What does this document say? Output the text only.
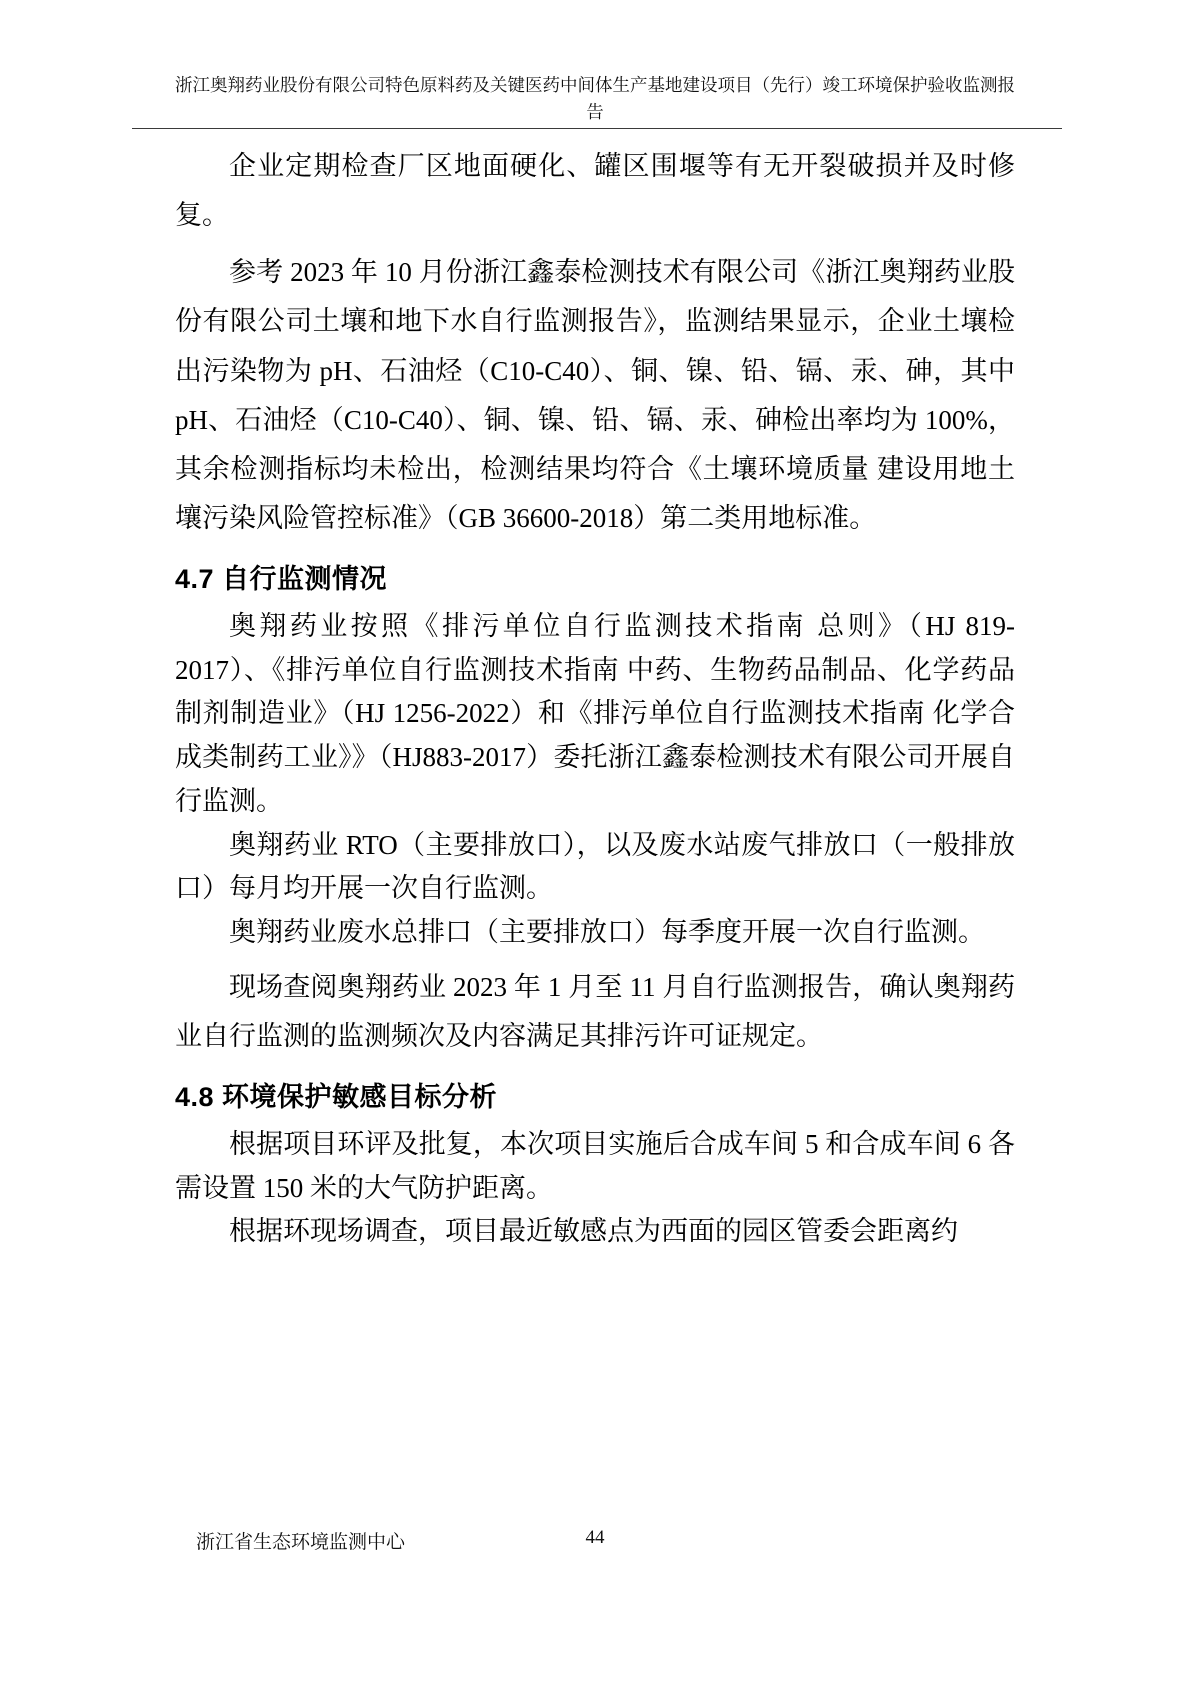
浙江奥翔药业股份有限公司特色原料药及关键医药中间体生产基地建设项目（先行）竣工环境保护验收监测报告

企业定期检查厂区地面硬化、罐区围堰等有无开裂破损并及时修复。

参考 2023 年 10 月份浙江鑫泰检测技术有限公司《浙江奥翔药业股份有限公司土壤和地下水自行监测报告》，监测结果显示，企业土壤检出污染物为 pH、石油烃（C10-C40）、铜、镍、铅、镉、汞、砷，其中 pH、石油烃（C10-C40）、铜、镍、铅、镉、汞、砷检出率均为 100%，其余检测指标均未检出，检测结果均符合《土壤环境质量 建设用地土壤污染风险管控标准》（GB 36600-2018）第二类用地标准。

4.7 自行监测情况

奥翔药业按照《排污单位自行监测技术指南 总则》（HJ 819-2017）、《排污单位自行监测技术指南 中药、生物药品制品、化学药品制剂制造业》（HJ 1256-2022）和《排污单位自行监测技术指南 化学合成类制药工业》》（HJ883-2017）委托浙江鑫泰检测技术有限公司开展自行监测。

奥翔药业 RTO（主要排放口），以及废水站废气排放口（一般排放口）每月均开展一次自行监测。

奥翔药业废水总排口（主要排放口）每季度开展一次自行监测。

现场查阅奥翔药业 2023 年 1 月至 11 月自行监测报告，确认奥翔药业自行监测的监测频次及内容满足其排污许可证规定。

4.8 环境保护敏感目标分析

根据项目环评及批复，本次项目实施后合成车间 5 和合成车间 6 各需设置 150 米的大气防护距离。

根据环现场调查，项目最近敏感点为西面的园区管委会距离约

浙江省生态环境监测中心	44
